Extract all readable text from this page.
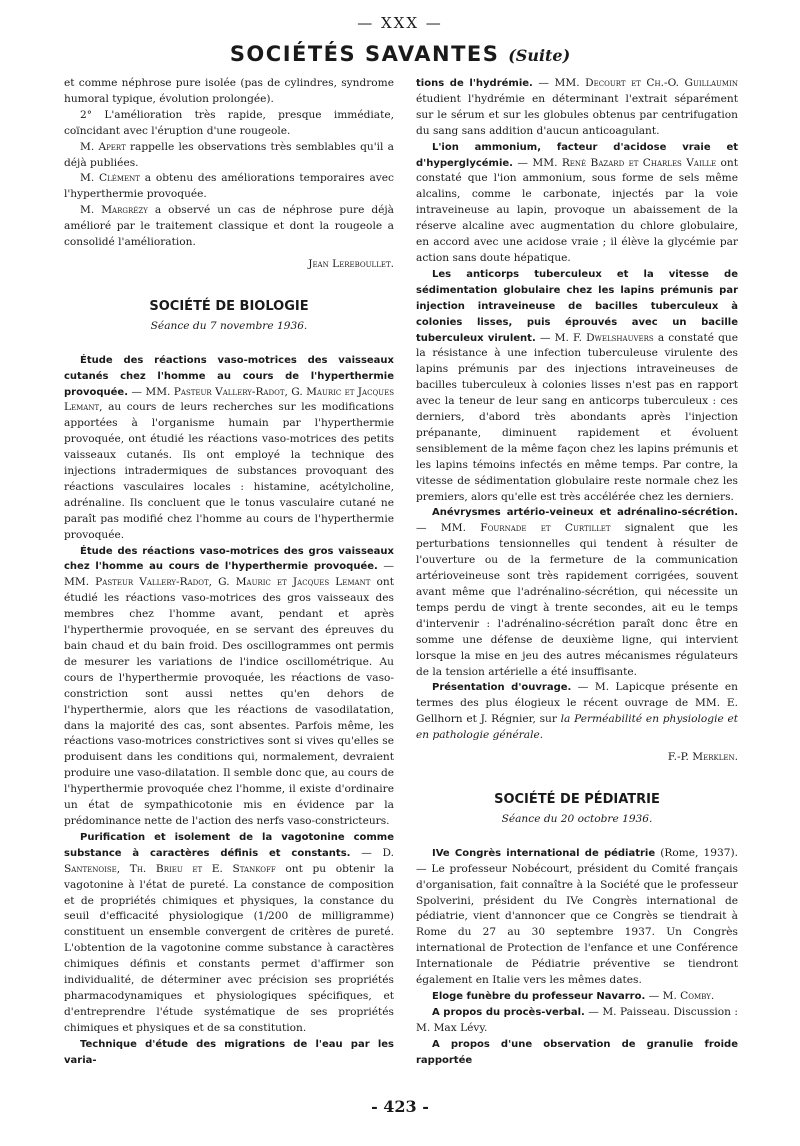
— XXX —
SOCIÉTÉS SAVANTES (Suite)

et comme néphrose pure isolée (pas de cylindres, syndrome humoral typique, évolution prolongée).

2° L'amélioration très rapide, presque immédiate, coïncidant avec l'éruption d'une rougeole.

M. Apert rappelle les observations très semblables qu'il a déjà publiées.

M. Clément a obtenu des améliorations temporaires avec l'hyperthermie provoquée.

M. Margrézy a observé un cas de néphrose pure déjà amélioré par le traitement classique et dont la rougeole a consolidé l'amélioration.

Jean Lereboullet.

SOCIÉTÉ DE BIOLOGIE

Séance du 7 novembre 1936.

Étude des réactions vaso-motrices des vaisseaux cutanés chez l'homme au cours de l'hyperthermie provoquée. — MM. Pasteur Vallery-Radot, G. Mauric et Jacques Lemant, au cours de leurs recherches sur les modifications apportées à l'organisme humain par l'hyperthermie provoquée, ont étudié les réactions vaso-motrices des petits vaisseaux cutanés. Ils ont employé la technique des injections intradermiques de substances provoquant des réactions vasculaires locales : histamine, acétylcholine, adrénaline. Ils concluent que le tonus vasculaire cutané ne paraît pas modifié chez l'homme au cours de l'hyperthermie provoquée.

Étude des réactions vaso-motrices des gros vaisseaux chez l'homme au cours de l'hyperthermie provoquée. — MM. Pasteur Vallery-Radot, G. Mauric et Jacques Lemant ont étudié les réactions vaso-motrices des gros vaisseaux des membres chez l'homme avant, pendant et après l'hyperthermie provoquée, en se servant des épreuves du bain chaud et du bain froid. Des oscillogrammes ont permis de mesurer les variations de l'indice oscillométrique. Au cours de l'hyperthermie provoquée, les réactions de vaso-constriction sont aussi nettes qu'en dehors de l'hyperthermie, alors que les réactions de vasodilatation, dans la majorité des cas, sont absentes. Parfois même, les réactions vaso-motrices constrictives sont si vives qu'elles se produisent dans les conditions qui, normalement, devraient produire une vaso-dilatation. Il semble donc que, au cours de l'hyperthermie provoquée chez l'homme, il existe d'ordinaire un état de sympathicotonie mis en évidence par la prédominance nette de l'action des nerfs vaso-constricteurs.

Purification et isolement de la vagotonine comme substance à caractères définis et constants. — D. Santenoise, Th. Brieu et E. Stankoff ont pu obtenir la vagotonine à l'état de pureté. La constance de composition et de propriétés chimiques et physiques, la constance du seuil d'efficacité physiologique (1/200 de milligramme) constituent un ensemble convergent de critères de pureté. L'obtention de la vagotonine comme substance à caractères chimiques définis et constants permet d'affirmer son individualité, de déterminer avec précision ses propriétés pharmacodynamiques et physiologiques spécifiques, et d'entreprendre l'étude systématique de ses propriétés chimiques et physiques et de sa constitution.

Technique d'étude des migrations de l'eau par les varia-

tions de l'hydrémie. — MM. Decourt et Ch.-O. Guillaumin étudient l'hydrémie en déterminant l'extrait séparément sur le sérum et sur les globules obtenus par centrifugation du sang sans addition d'aucun anticoagulant.

L'ion ammonium, facteur d'acidose vraie et d'hyperglycémie. — MM. René Bazard et Charles Vaille ont constaté que l'ion ammonium, sous forme de sels même alcalins, comme le carbonate, injectés par la voie intraveineuse au lapin, provoque un abaissement de la réserve alcaline avec augmentation du chlore globulaire, en accord avec une acidose vraie ; il élève la glycémie par action sans doute hépatique.

Les anticorps tuberculeux et la vitesse de sédimentation globulaire chez les lapins prémunis par injection intraveineuse de bacilles tuberculeux à colonies lisses, puis éprouvés avec un bacille tuberculeux virulent. — M. F. Dwelshauvers a constaté que la résistance à une infection tuberculeuse virulente des lapins prémunis par des injections intraveineuses de bacilles tuberculeux à colonies lisses n'est pas en rapport avec la teneur de leur sang en anticorps tuberculeux : ces derniers, d'abord très abondants après l'injection prépanante, diminuent rapidement et évoluent sensiblement de la même façon chez les lapins prémunis et les lapins témoins infectés en même temps. Par contre, la vitesse de sédimentation globulaire reste normale chez les premiers, alors qu'elle est très accélérée chez les derniers.

Anévrysmes artério-veineux et adrénalino-sécrétion. — MM. Fournade et Curtillet signalent que les perturbations tensionnelles qui tendent à résulter de l'ouverture ou de la fermeture de la communication artérioveineuse sont très rapidement corrigées, souvent avant même que l'adrénalino-sécrétion, qui nécessite un temps perdu de vingt à trente secondes, ait eu le temps d'intervenir : l'adrénalino-sécrétion paraît donc être en somme une défense de deuxième ligne, qui intervient lorsque la mise en jeu des autres mécanismes régulateurs de la tension artérielle a été insuffisante.

Présentation d'ouvrage. — M. Lapicque présente en termes des plus élogieux le récent ouvrage de MM. E. Gellhorn et J. Régnier, sur la Perméabilité en physiologie et en pathologie générale.

F.-P. Merklen.

SOCIÉTÉ DE PÉDIATRIE

Séance du 20 octobre 1936.

IVe Congrès international de pédiatrie (Rome, 1937). — Le professeur Nobécourt, président du Comité français d'organisation, fait connaître à la Société que le professeur Spolverini, président du IVe Congrès international de pédiatrie, vient d'annoncer que ce Congrès se tiendrait à Rome du 27 au 30 septembre 1937. Un Congrès international de Protection de l'enfance et une Conférence Internationale de Pédiatrie préventive se tiendront également en Italie vers les mêmes dates.

Eloge funèbre du professeur Navarro. — M. Comby.

A propos du procès-verbal. — M. Paisseau. Discussion : M. Max Lévy.

A propos d'une observation de granulie froide rapportée

- 423 -
